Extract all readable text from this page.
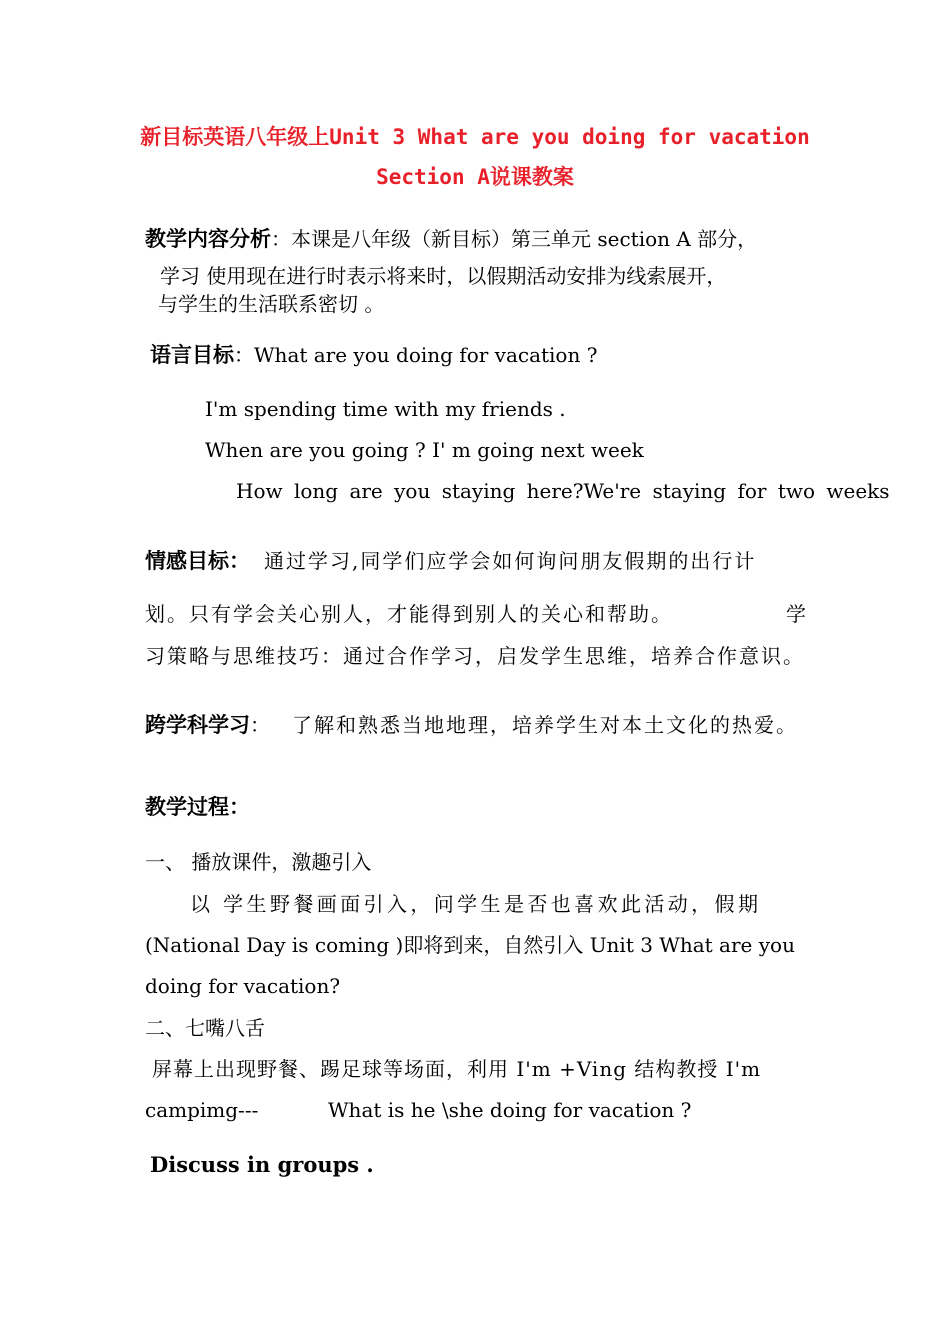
新目标英语八年级上Unit 3 What are you doing for vacation
Section A说课教案
教学内容分析：本课是八年级（新目标）第三单元 section A 部分，
学习 使用现在进行时表示将来时，以假期活动安排为线索展开，
与学生的生活联系密切 。
语言目标：What are you doing for vacation ?
I'm spending time with my friends .
When are you going ? I' m going next week
How long are you staying here?We're staying for two weeks
情感目标： 通过学习,同学们应学会如何询问朋友假期的出行计
划。只有学会关心别人，才能得到别人的关心和帮助。	学
习策略与思维技巧：通过合作学习，启发学生思维，培养合作意识。
跨学科学习： 了解和熟悉当地地理，培养学生对本土文化的热爱。
教学过程：
一、 播放课件，激趣引入
以 学生野餐画面引入，问学生是否也喜欢此活动，假期
(National Day is coming )即将到来，自然引入 Unit 3 What are you
doing for vacation?
二、七嘴八舌
屏幕上出现野餐、踢足球等场面，利用 I'm +Ving 结构教授 I'm
campimg---	What is he \she doing for vacation ?
Discuss in groups .
